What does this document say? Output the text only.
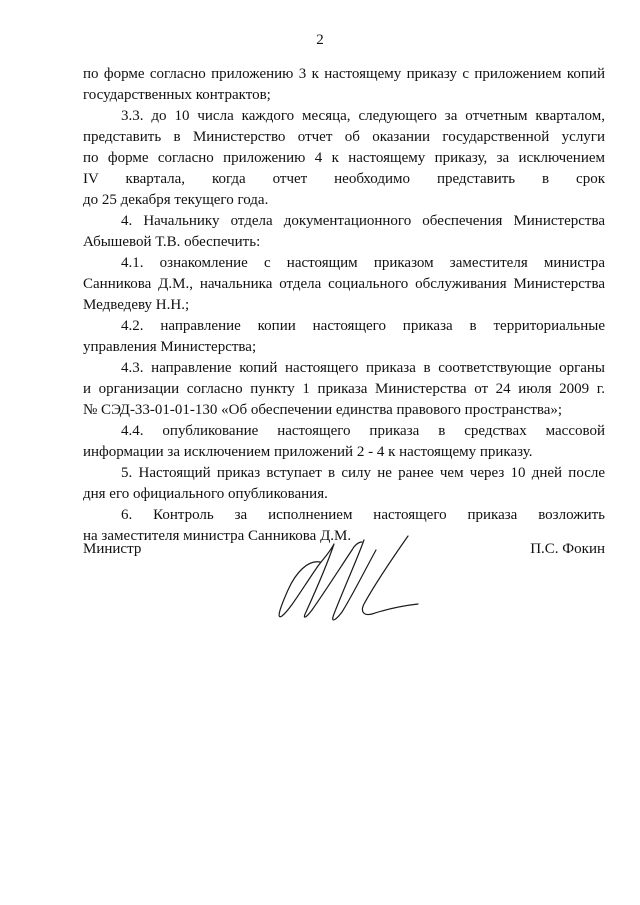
2
по форме согласно приложению 3 к настоящему приказу с приложением копий
государственных контрактов;
3.3. до 10 числа каждого месяца, следующего за отчетным кварталом,
представить в Министерство отчет об оказании государственной услуги
по форме согласно приложению 4 к настоящему приказу, за исключением
IV квартала, когда отчет необходимо представить в срок
до 25 декабря текущего года.
4. Начальнику отдела документационного обеспечения Министерства
Абышевой Т.В. обеспечить:
4.1. ознакомление с настоящим приказом заместителя министра
Санникова Д.М., начальника отдела социального обслуживания Министерства
Медведеву Н.Н.;
4.2. направление копии настоящего приказа в территориальные
управления Министерства;
4.3. направление копий настоящего приказа в соответствующие органы
и организации согласно пункту 1 приказа Министерства от 24 июля 2009 г.
№ СЭД-33-01-01-130 «Об обеспечении единства правового пространства»;
4.4. опубликование настоящего приказа в средствах массовой
информации за исключением приложений 2 - 4 к настоящему приказу.
5. Настоящий приказ вступает в силу не ранее чем через 10 дней после
дня его официального опубликования.
6. Контроль за исполнением настоящего приказа возложить
на заместителя министра Санникова Д.М.
Министр	П.С. Фокин
